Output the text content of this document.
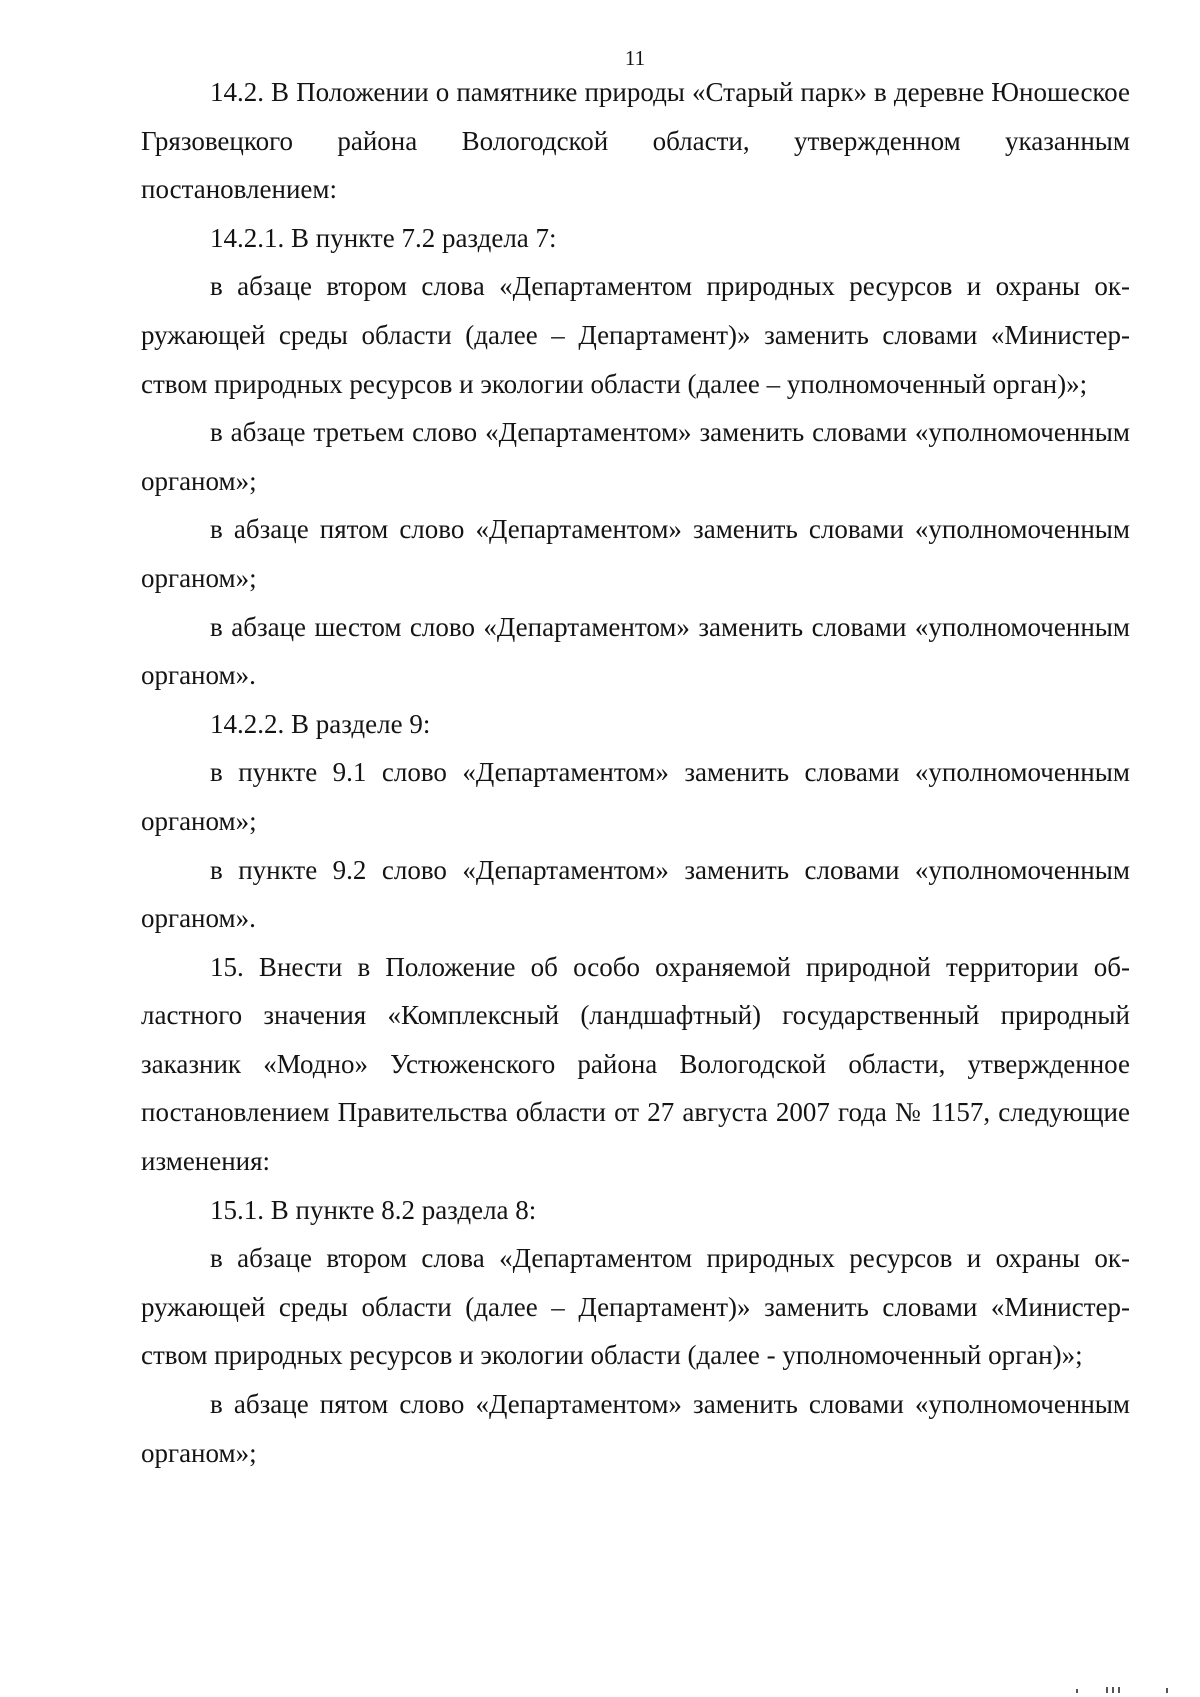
11

14.2. В Положении о памятнике природы «Старый парк» в деревне Юношеское Грязовецкого района Вологодской области, утвержденном указанным постановлением:

14.2.1. В пункте 7.2 раздела 7:

в абзаце втором слова «Департаментом природных ресурсов и охраны окружающей среды области (далее – Департамент)» заменить словами «Министерством природных ресурсов и экологии области (далее – уполномоченный орган)»;

в абзаце третьем слово «Департаментом» заменить словами «уполномоченным органом»;

в абзаце пятом слово «Департаментом» заменить словами «уполномоченным органом»;

в абзаце шестом слово «Департаментом» заменить словами «уполномоченным органом».

14.2.2. В разделе 9:

в пункте 9.1 слово «Департаментом» заменить словами «уполномоченным органом»;

в пункте 9.2 слово «Департаментом» заменить словами «уполномоченным органом».

15. Внести в Положение об особо охраняемой природной территории областного значения «Комплексный (ландшафтный) государственный природный заказник «Модно» Устюженского района Вологодской области, утвержденное постановлением Правительства области от 27 августа 2007 года № 1157, следующие изменения:

15.1. В пункте 8.2 раздела 8:

в абзаце втором слова «Департаментом природных ресурсов и охраны окружающей среды области (далее – Департамент)» заменить словами «Министерством природных ресурсов и экологии области (далее - уполномоченный орган)»;

в абзаце пятом слово «Департаментом» заменить словами «уполномоченным органом»;
